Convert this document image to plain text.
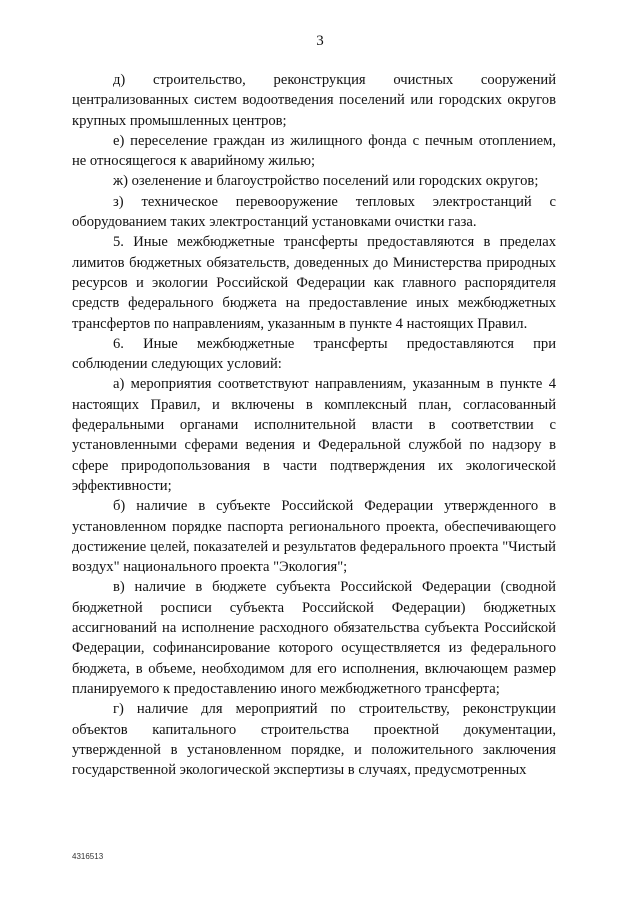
3

д) строительство, реконструкция очистных сооружений централизованных систем водоотведения поселений или городских округов крупных промышленных центров;

е) переселение граждан из жилищного фонда с печным отоплением, не относящегося к аварийному жилью;

ж) озеленение и благоустройство поселений или городских округов;

з) техническое перевооружение тепловых электростанций с оборудованием таких электростанций установками очистки газа.

5. Иные межбюджетные трансферты предоставляются в пределах лимитов бюджетных обязательств, доведенных до Министерства природных ресурсов и экологии Российской Федерации как главного распорядителя средств федерального бюджета на предоставление иных межбюджетных трансфертов по направлениям, указанным в пункте 4 настоящих Правил.

6. Иные межбюджетные трансферты предоставляются при соблюдении следующих условий:

а) мероприятия соответствуют направлениям, указанным в пункте 4 настоящих Правил, и включены в комплексный план, согласованный федеральными органами исполнительной власти в соответствии с установленными сферами ведения и Федеральной службой по надзору в сфере природопользования в части подтверждения их экологической эффективности;

б) наличие в субъекте Российской Федерации утвержденного в установленном порядке паспорта регионального проекта, обеспечивающего достижение целей, показателей и результатов федерального проекта "Чистый воздух" национального проекта "Экология";

в) наличие в бюджете субъекта Российской Федерации (сводной бюджетной росписи субъекта Российской Федерации) бюджетных ассигнований на исполнение расходного обязательства субъекта Российской Федерации, софинансирование которого осуществляется из федерального бюджета, в объеме, необходимом для его исполнения, включающем размер планируемого к предоставлению иного межбюджетного трансферта;

г) наличие для мероприятий по строительству, реконструкции объектов капитального строительства проектной документации, утвержденной в установленном порядке, и положительного заключения государственной экологической экспертизы в случаях, предусмотренных

4316513
